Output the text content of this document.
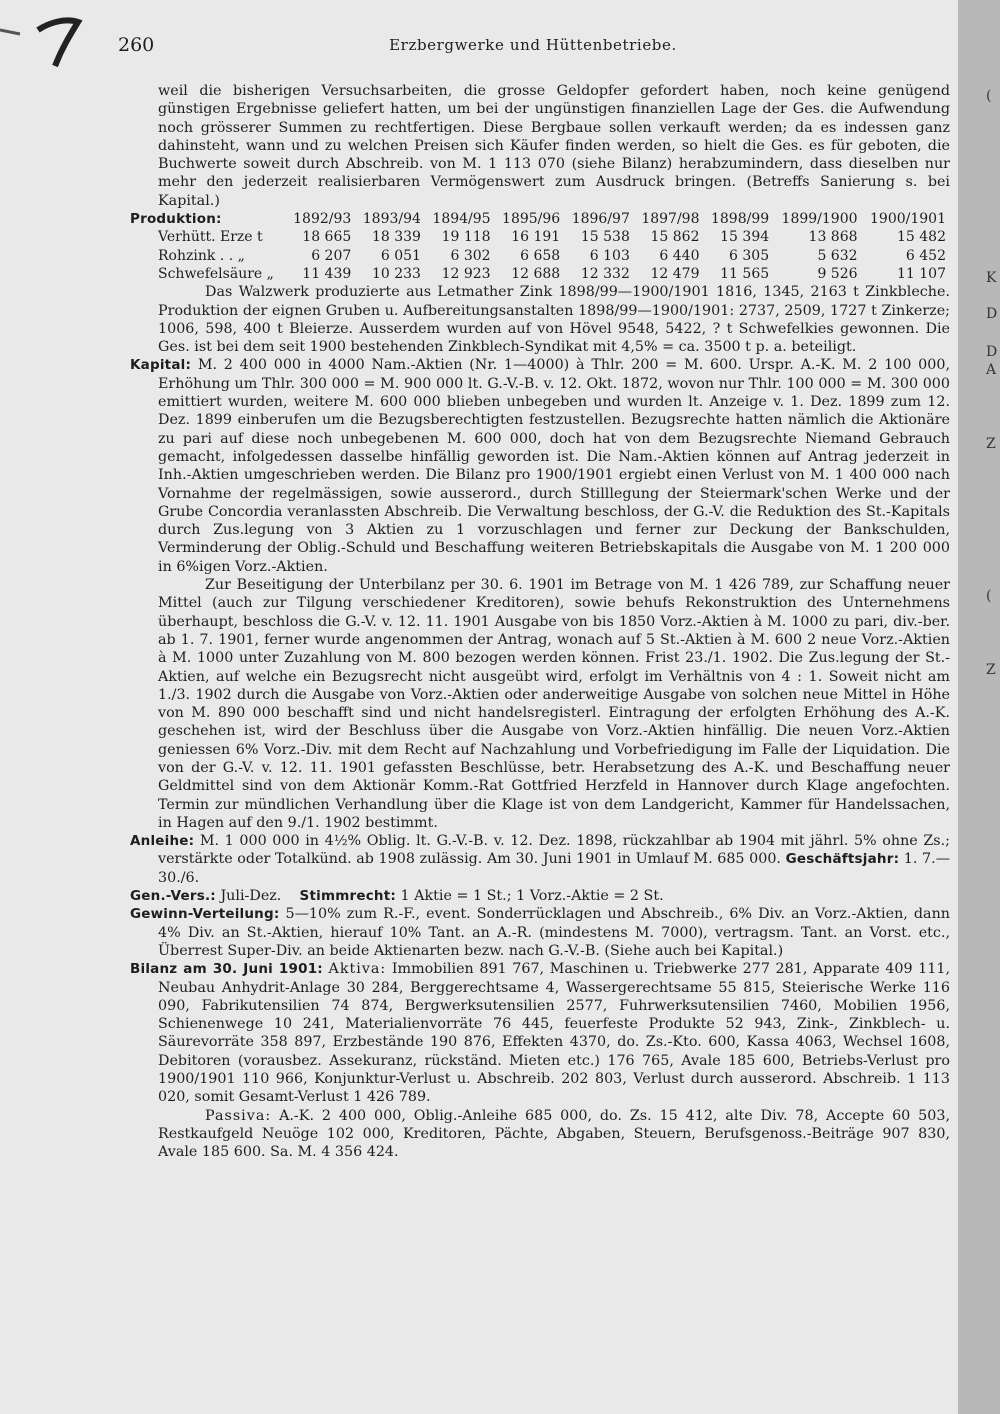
260	Erzbergwerke und Hüttenbetriebe.

weil die bisherigen Versuchsarbeiten, die grosse Geldopfer gefordert haben, noch keine genügend günstigen Ergebnisse geliefert hatten, um bei der ungünstigen finanziellen Lage der Ges. die Aufwendung noch grösserer Summen zu rechtfertigen. Diese Bergbaue sollen verkauft werden; da es indessen ganz dahinsteht, wann und zu welchen Preisen sich Käufer finden werden, so hielt die Ges. es für geboten, die Buchwerte soweit durch Abschreib. von M. 1 113 070 (siehe Bilanz) herabzumindern, dass dieselben nur mehr den jederzeit realisierbaren Vermögenswert zum Ausdruck bringen. (Betreffs Sanierung s. bei Kapital.)

Produktion:	1892/93	1893/94	1894/95	1895/96	1896/97	1897/98	1898/99	1899/1900	1900/1901
Verhütt. Erze t	18 665	18 339	19 118	16 191	15 538	15 862	15 394	13 868	15 482
Rohzink . . „	6 207	6 051	6 302	6 658	6 103	6 440	6 305	5 632	6 452
Schwefelsäure „	11 439	10 233	12 923	12 688	12 332	12 479	11 565	9 526	11 107

Das Walzwerk produzierte aus Letmather Zink 1898/99—1900/1901 1816, 1345, 2163 t Zinkbleche. Produktion der eignen Gruben u. Aufbereitungsanstalten 1898/99—1900/1901: 2737, 2509, 1727 t Zinkerze; 1006, 598, 400 t Bleierze. Ausserdem wurden auf von Hövel 9548, 5422, ? t Schwefelkies gewonnen. Die Ges. ist bei dem seit 1900 bestehenden Zinkblech-Syndikat mit 4,5% = ca. 3500 t p. a. beteiligt.

Kapital: M. 2 400 000 in 4000 Nam.-Aktien (Nr. 1—4000) à Thlr. 200 = M. 600. Urspr. A.-K. M. 2 100 000, Erhöhung um Thlr. 300 000 = M. 900 000 lt. G.-V.-B. v. 12. Okt. 1872, wovon nur Thlr. 100 000 = M. 300 000 emittiert wurden, weitere M. 600 000 blieben unbegeben und wurden lt. Anzeige v. 1. Dez. 1899 zum 12. Dez. 1899 einberufen um die Bezugsberechtigten festzustellen. Bezugsrechte hatten nämlich die Aktionäre zu pari auf diese noch unbegebenen M. 600 000, doch hat von dem Bezugsrechte Niemand Gebrauch gemacht, infolgedessen dasselbe hinfällig geworden ist. Die Nam.-Aktien können auf Antrag jederzeit in Inh.-Aktien umgeschrieben werden. Die Bilanz pro 1900/1901 ergiebt einen Verlust von M. 1 400 000 nach Vornahme der regelmässigen, sowie ausserord., durch Stilllegung der Steiermark'schen Werke und der Grube Concordia veranlassten Abschreib. Die Verwaltung beschloss, der G.-V. die Reduktion des St.-Kapitals durch Zus.legung von 3 Aktien zu 1 vorzuschlagen und ferner zur Deckung der Bankschulden, Verminderung der Oblig.-Schuld und Beschaffung weiteren Betriebskapitals die Ausgabe von M. 1 200 000 in 6%igen Vorz.-Aktien.

Zur Beseitigung der Unterbilanz per 30. 6. 1901 im Betrage von M. 1 426 789, zur Schaffung neuer Mittel (auch zur Tilgung verschiedener Kreditoren), sowie behufs Rekonstruktion des Unternehmens überhaupt, beschloss die G.-V. v. 12. 11. 1901 Ausgabe von bis 1850 Vorz.-Aktien à M. 1000 zu pari, div.-ber. ab 1. 7. 1901, ferner wurde angenommen der Antrag, wonach auf 5 St.-Aktien à M. 600 2 neue Vorz.-Aktien à M. 1000 unter Zuzahlung von M. 800 bezogen werden können. Frist 23./1. 1902. Die Zus.legung der St.-Aktien, auf welche ein Bezugsrecht nicht ausgeübt wird, erfolgt im Verhältnis von 4 : 1. Soweit nicht am 1./3. 1902 durch die Ausgabe von Vorz.-Aktien oder anderweitige Ausgabe von solchen neue Mittel in Höhe von M. 890 000 beschafft sind und nicht handelsregisterl. Eintragung der erfolgten Erhöhung des A.-K. geschehen ist, wird der Beschluss über die Ausgabe von Vorz.-Aktien hinfällig. Die neuen Vorz.-Aktien geniessen 6% Vorz.-Div. mit dem Recht auf Nachzahlung und Vorbefriedigung im Falle der Liquidation. Die von der G.-V. v. 12. 11. 1901 gefassten Beschlüsse, betr. Herabsetzung des A.-K. und Beschaffung neuer Geldmittel sind von dem Aktionär Komm.-Rat Gottfried Herzfeld in Hannover durch Klage angefochten. Termin zur mündlichen Verhandlung über die Klage ist von dem Landgericht, Kammer für Handelssachen, in Hagen auf den 9./1. 1902 bestimmt.

Anleihe: M. 1 000 000 in 4½% Oblig. lt. G.-V.-B. v. 12. Dez. 1898, rückzahlbar ab 1904 mit jährl. 5% ohne Zs.; verstärkte oder Totalkünd. ab 1908 zulässig. Am 30. Juni 1901 in Umlauf M. 685 000. Geschäftsjahr: 1. 7.—30./6.

Gen.-Vers.: Juli-Dez. Stimmrecht: 1 Aktie = 1 St.; 1 Vorz.-Aktie = 2 St.

Gewinn-Verteilung: 5—10% zum R.-F., event. Sonderrücklagen und Abschreib., 6% Div. an Vorz.-Aktien, dann 4% Div. an St.-Aktien, hierauf 10% Tant. an A.-R. (mindestens M. 7000), vertragsm. Tant. an Vorst. etc., Überrest Super-Div. an beide Aktienarten bezw. nach G.-V.-B. (Siehe auch bei Kapital.)

Bilanz am 30. Juni 1901: Aktiva: Immobilien 891 767, Maschinen u. Triebwerke 277 281, Apparate 409 111, Neubau Anhydrit-Anlage 30 284, Berggerechtsame 4, Wassergerechtsame 55 815, Steierische Werke 116 090, Fabrikutensilien 74 874, Bergwerksutensilien 2577, Fuhrwerksutensilien 7460, Mobilien 1956, Schienenwege 10 241, Materialienvorräte 76 445, feuerfeste Produkte 52 943, Zink-, Zinkblech- u. Säurevorräte 358 897, Erzbestände 190 876, Effekten 4370, do. Zs.-Kto. 600, Kassa 4063, Wechsel 1608, Debitoren (vorausbez. Assekuranz, rückständ. Mieten etc.) 176 765, Avale 185 600, Betriebs-Verlust pro 1900/1901 110 966, Konjunktur-Verlust u. Abschreib. 202 803, Verlust durch ausserord. Abschreib. 1 113 020, somit Gesamt-Verlust 1 426 789.

Passiva: A.-K. 2 400 000, Oblig.-Anleihe 685 000, do. Zs. 15 412, alte Div. 78, Accepte 60 503, Restkaufgeld Neuöge 102 000, Kreditoren, Pächte, Abgaben, Steuern, Berufsgenoss.-Beiträge 907 830, Avale 185 600. Sa. M. 4 356 424.

(
K
D
D
A
Z
(
Z
